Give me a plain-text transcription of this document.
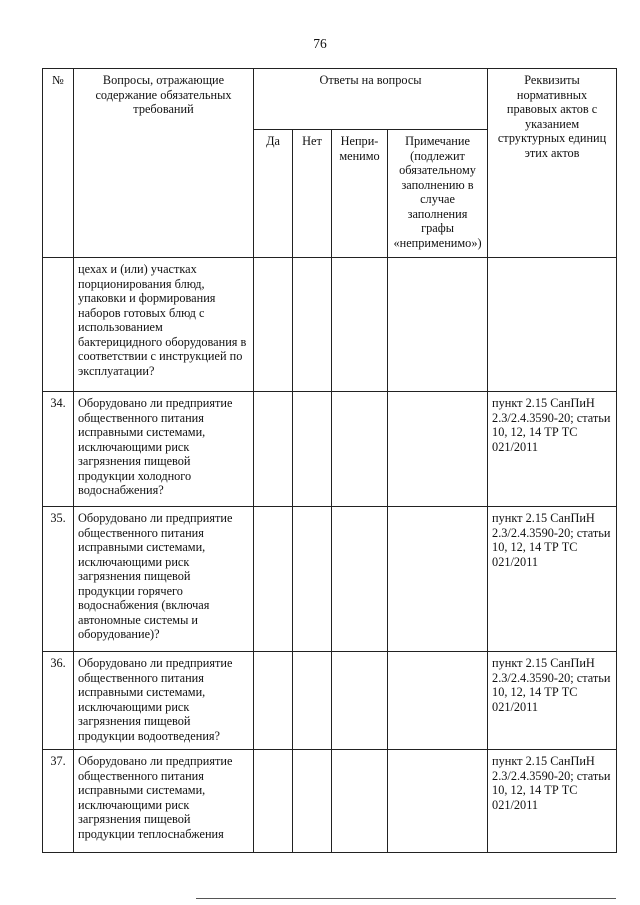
76
№	Вопросы, отражающие содержание обязательных требований	Ответы на вопросы				Реквизиты нормативных правовых актов с указанием структурных единиц этих актов
		Да	Нет	Непри-менимо	Примечание (подлежит обязательному заполнению в случае заполнения графы «неприменимо»)	
	цехах и (или) участках порционирования блюд, упаковки и формирования наборов готовых блюд с использованием бактерицидного оборудования в соответствии с инструкцией по эксплуатации?					
34.	Оборудовано ли предприятие общественного питания исправными системами, исключающими риск загрязнения пищевой продукции холодного водоснабжения?					пункт 2.15 СанПиН 2.3/2.4.3590-20; статьи 10, 12, 14 ТР ТС 021/2011
35.	Оборудовано ли предприятие общественного питания исправными системами, исключающими риск загрязнения пищевой продукции горячего водоснабжения (включая автономные системы и оборудование)?					пункт 2.15 СанПиН 2.3/2.4.3590-20; статьи 10, 12, 14 ТР ТС 021/2011
36.	Оборудовано ли предприятие общественного питания исправными системами, исключающими риск загрязнения пищевой продукции водоотведения?					пункт 2.15 СанПиН 2.3/2.4.3590-20; статьи 10, 12, 14 ТР ТС 021/2011
37.	Оборудовано ли предприятие общественного питания исправными системами, исключающими риск загрязнения пищевой продукции теплоснабжения					пункт 2.15 СанПиН 2.3/2.4.3590-20; статьи 10, 12, 14 ТР ТС 021/2011
